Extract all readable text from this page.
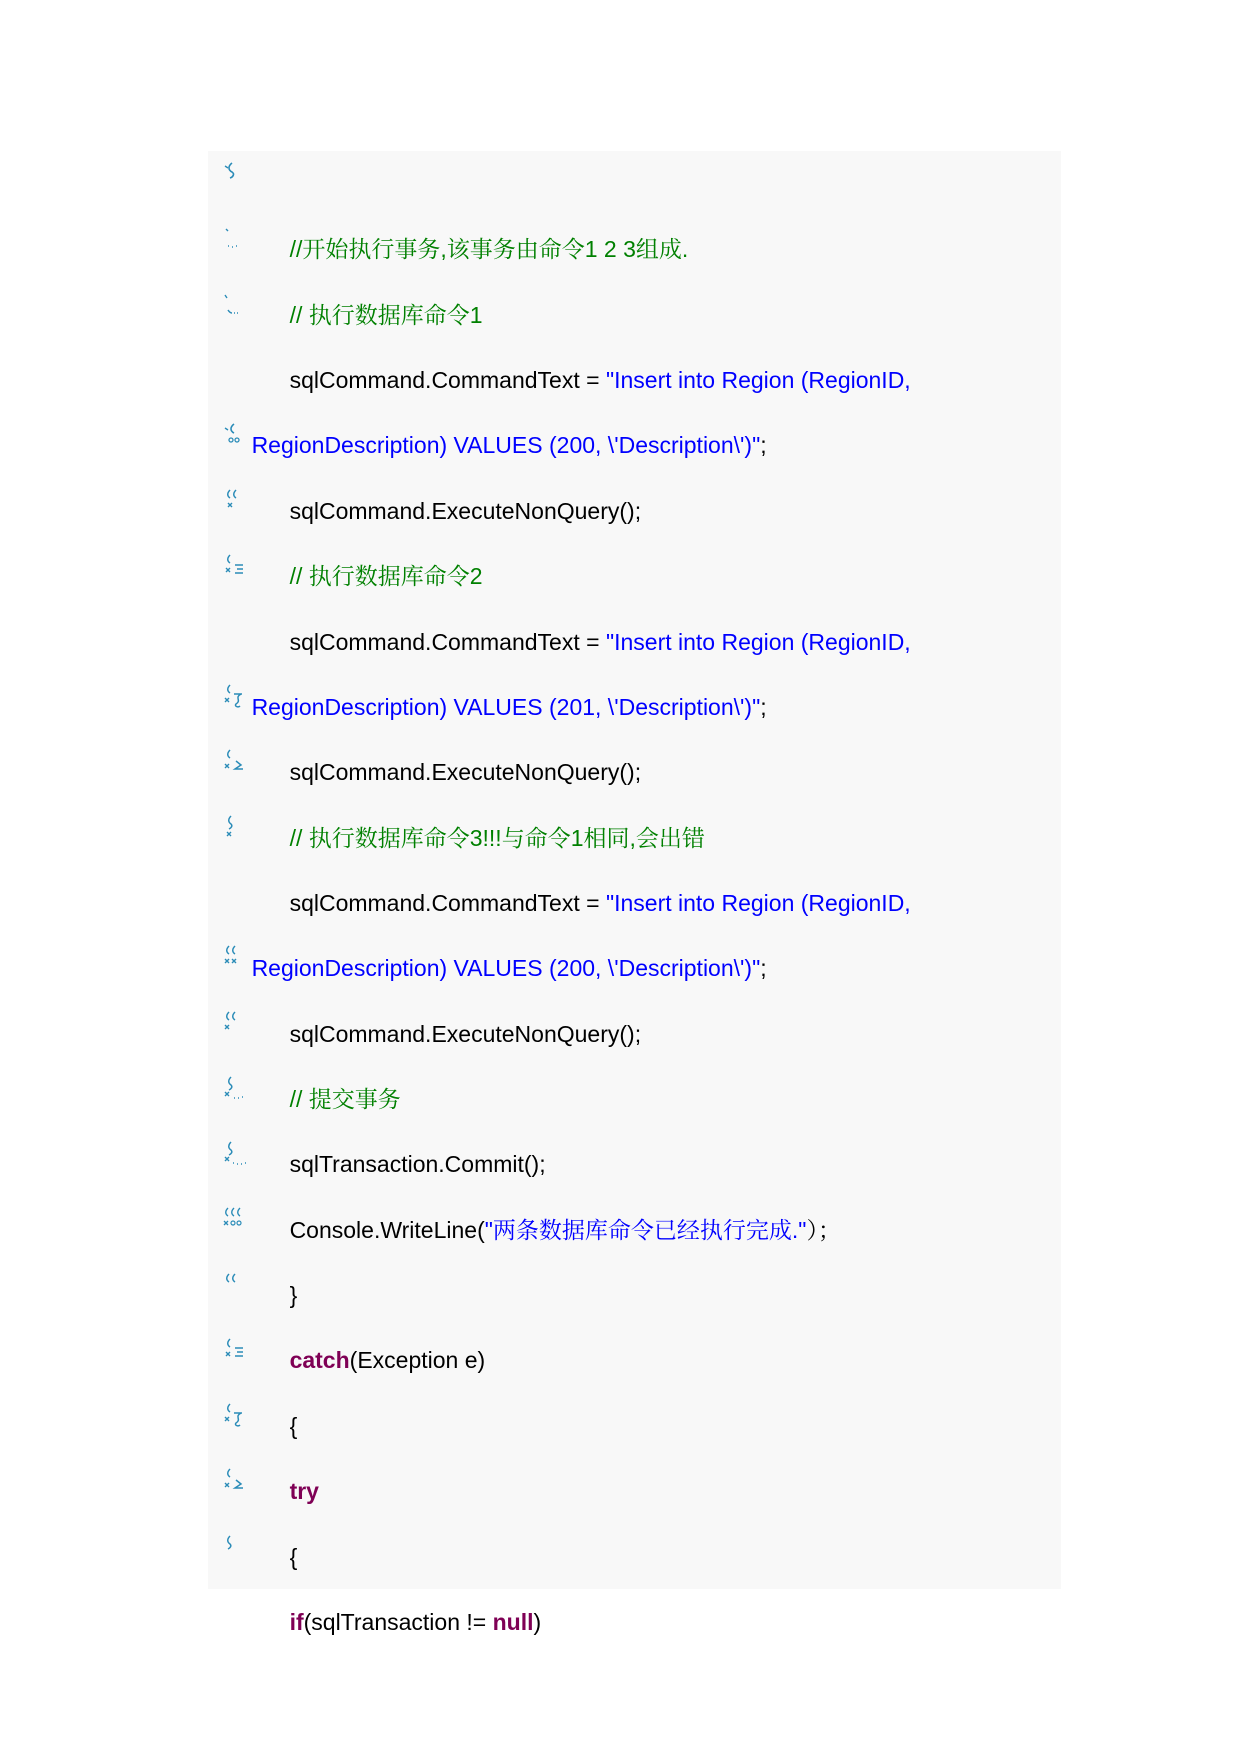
//开始执行事务,该事务由命令1 2 3组成.

// 执行数据库命令1

sqlCommand.CommandText = "Insert into Region (RegionID,

RegionDescription) VALUES (200, \'Description\')";

sqlCommand.ExecuteNonQuery();

// 执行数据库命令2

sqlCommand.CommandText = "Insert into Region (RegionID,

RegionDescription) VALUES (201, \'Description\')";

sqlCommand.ExecuteNonQuery();

// 执行数据库命令3!!!与命令1相同,会出错

sqlCommand.CommandText = "Insert into Region (RegionID,

RegionDescription) VALUES (200, \'Description\')";

sqlCommand.ExecuteNonQuery();

// 提交事务

sqlTransaction.Commit();

Console.WriteLine("两条数据库命令已经执行完成."）；

}

catch(Exception e)

{

try

{

if(sqlTransaction != null)
